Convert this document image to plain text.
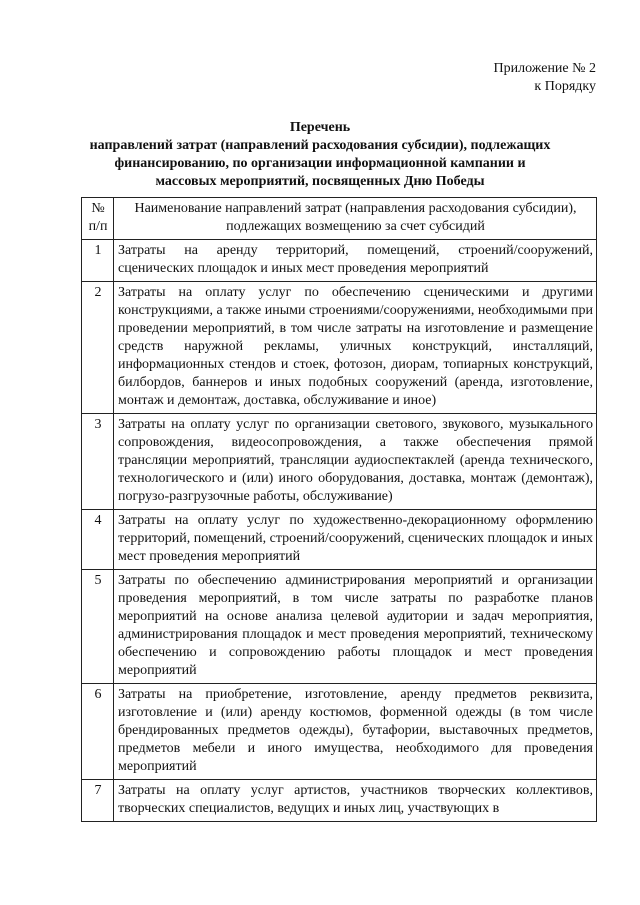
Приложение № 2
к Порядку
Перечень
направлений затрат (направлений расходования субсидии), подлежащих
финансированию, по организации информационной кампании и
массовых мероприятий, посвященных Дню Победы
№
п/п	Наименование направлений затрат (направления расходования субсидии), подлежащих возмещению за счет субсидий
1	Затраты на аренду территорий, помещений, строений/сооружений, сценических площадок и иных мест проведения мероприятий
2	Затраты на оплату услуг по обеспечению сценическими и другими конструкциями, а также иными строениями/сооружениями, необходимыми при проведении мероприятий, в том числе затраты на изготовление и размещение средств наружной рекламы, уличных конструкций, инсталляций, информационных стендов и стоек, фотозон, диорам, топиарных конструкций, билбордов, баннеров и иных подобных сооружений (аренда, изготовление, монтаж и демонтаж, доставка, обслуживание и иное)
3	Затраты на оплату услуг по организации светового, звукового, музыкального сопровождения, видеосопровождения, а также обеспечения прямой трансляции мероприятий, трансляции аудиоспектаклей (аренда технического, технологического и (или) иного оборудования, доставка, монтаж (демонтаж), погрузо-разгрузочные работы, обслуживание)
4	Затраты на оплату услуг по художественно-декорационному оформлению территорий, помещений, строений/сооружений, сценических площадок и иных мест проведения мероприятий
5	Затраты по обеспечению администрирования мероприятий и организации проведения мероприятий, в том числе затраты по разработке планов мероприятий на основе анализа целевой аудитории и задач мероприятия, администрирования площадок и мест проведения мероприятий, техническому обеспечению и сопровождению работы площадок и мест проведения мероприятий
6	Затраты на приобретение, изготовление, аренду предметов реквизита, изготовление и (или) аренду костюмов, форменной одежды (в том числе брендированных предметов одежды), бутафории, выставочных предметов, предметов мебели и иного имущества, необходимого для проведения мероприятий
7	Затраты на оплату услуг артистов, участников творческих коллективов, творческих специалистов, ведущих и иных лиц, участвующих в
